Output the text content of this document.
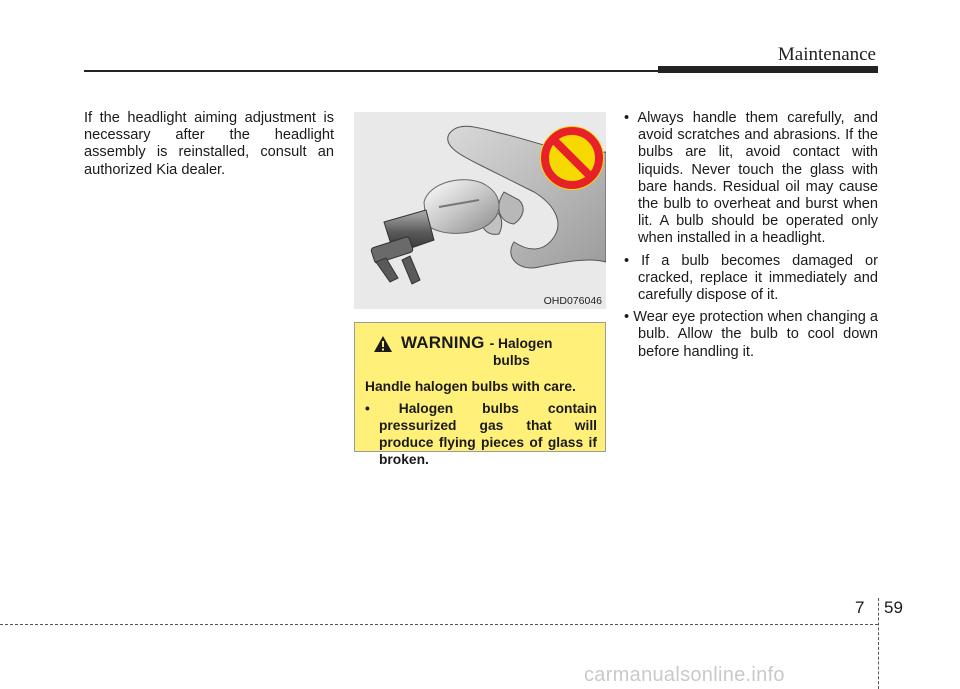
Maintenance

If the headlight aiming adjustment is necessary after the headlight assembly is reinstalled, consult an authorized Kia dealer.

OHD076046
WARNING - Halogen
bulbs
Handle halogen bulbs with care.
• Halogen bulbs contain pressurized gas that will produce flying pieces of glass if broken.
• Always handle them carefully, and avoid scratches and abrasions. If the bulbs are lit, avoid contact with liquids. Never touch the glass with bare hands. Residual oil may cause the bulb to overheat and burst when lit. A bulb should be operated only when installed in a headlight.
• If a bulb becomes damaged or cracked, replace it immediately and carefully dispose of it.
• Wear eye protection when changing a bulb. Allow the bulb to cool down before handling it.
7 59
carmanualsonline.info
